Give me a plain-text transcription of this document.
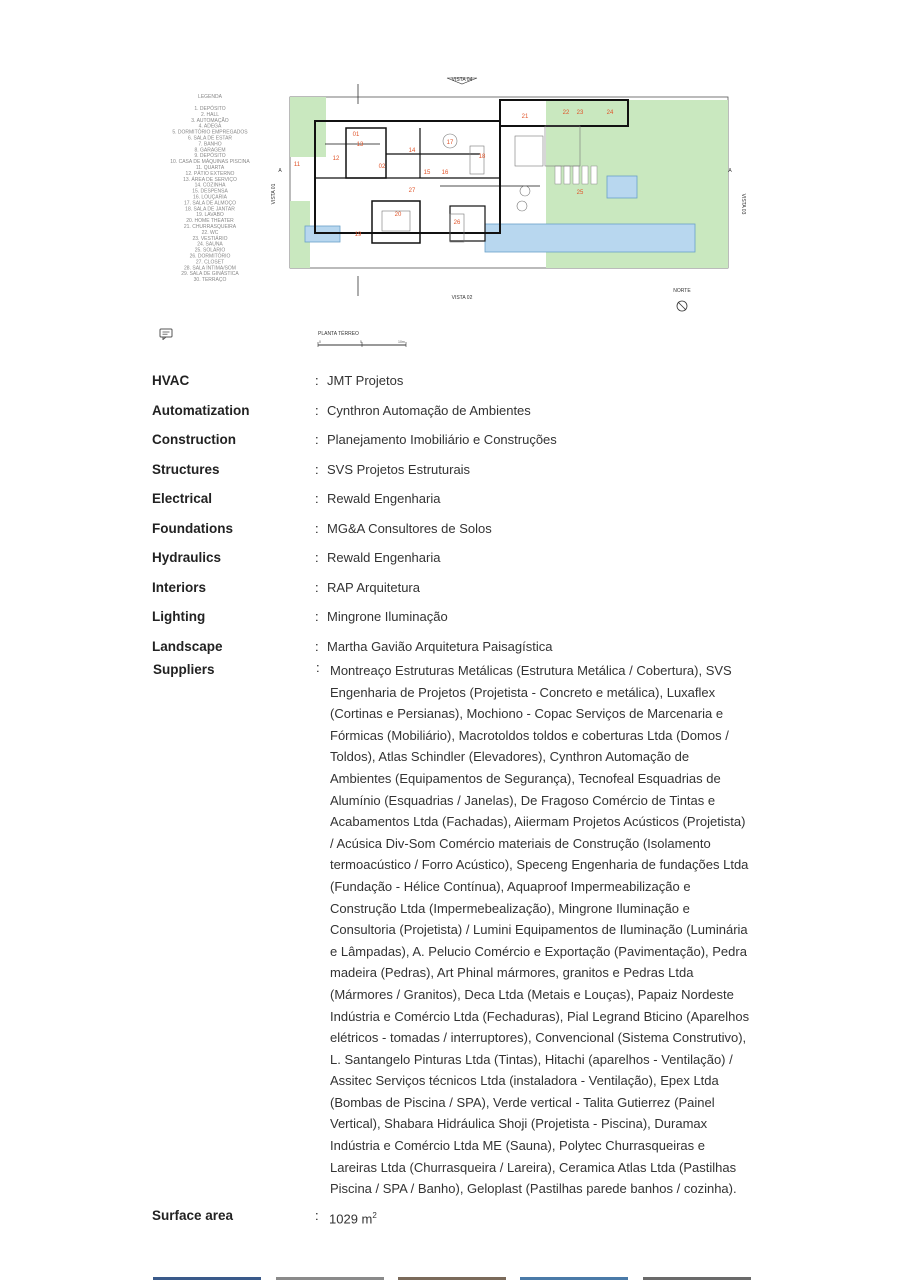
LEGENDA
1. DEPÓSITO
2. HALL
3. AUTOMAÇÃO
4. ADEGA
5. DORMITÓRIO EMPREGADOS
6. SALA DE ESTAR
7. BANHO
8. GARAGEM
9. DEPÓSITO
10. CASA DE MÁQUINAS PISCINA
11. QUARTA
12. PÁTIO EXTERNO
13. ÁREA DE SERVIÇO
14. COZINHA
15. DESPENSA
16. LOUÇARIA
17. SALA DE ALMOÇO
18. SALA DE JANTAR
19. LAVABO
20. HOME THEATER
21. CHURRASQUEIRA
22. WC
23. VESTIÁRIO
24. SAUNA
25. SOLÁRIO
26. DORMITÓRIO
27. CLOSET
28. SALA ÍNTIMA/SOM
29. SALA DE GINÁSTICA
30. TERRAÇO
01
02
11
12
13
14
15 16
17
18
19
20
21
22 23	24
25
26
27
VISTA 04
VISTA 02
VISTA 01	VISTA 03
NORTE
A	A
PLANTA TÉRREO
0	5	10m
HVAC	: JMT Projetos
Automatization	: Cynthron Automação de Ambientes
Construction	: Planejamento Imobiliário e Construções
Structures	: SVS Projetos Estruturais
Electrical	: Rewald Engenharia
Foundations	: MG&A Consultores de Solos
Hydraulics	: Rewald Engenharia
Interiors	: RAP Arquitetura
Lighting	: Mingrone Iluminação
Landscape	: Martha Gavião Arquitetura Paisagística
Suppliers	: Montreaço Estruturas Metálicas (Estrutura Metálica / Cobertura), SVS Engenharia de Projetos (Projetista - Concreto e metálica), Luxaflex (Cortinas e Persianas), Mochiono - Copac Serviços de Marcenaria e Fórmicas (Mobiliário), Macrotoldos toldos e coberturas Ltda (Domos / Toldos), Atlas Schindler (Elevadores), Cynthron Automação de Ambientes (Equipamentos de Segurança), Tecnofeal Esquadrias de Alumínio (Esquadrias / Janelas), De Fragoso Comércio de Tintas e Acabamentos Ltda (Fachadas), Aiiermam Projetos Acústicos (Projetista) / Acúsica Div-Som Comércio materiais de Construção (Isolamento termoacústico / Forro Acústico), Speceng Engenharia de fundações Ltda (Fundação - Hélice Contínua), Aquaproof Impermeabilização e Construção Ltda (Impermebealização), Mingrone Iluminação e Consultoria (Projetista) / Lumini Equipamentos de Iluminação (Luminária e Lâmpadas), A. Pelucio Comércio e Exportação (Pavimentação), Pedra madeira (Pedras), Art Phinal mármores, granitos e Pedras Ltda (Mármores / Granitos), Deca Ltda (Metais e Louças), Papaiz Nordeste Indústria e Comércio Ltda (Fechaduras), Pial Legrand Bticino (Aparelhos elétricos - tomadas / interruptores), Convencional (Sistema Construtivo), L. Santangelo Pinturas Ltda (Tintas), Hitachi (aparelhos - Ventilação) / Assitec Serviços técnicos Ltda (instaladora - Ventilação), Epex Ltda (Bombas de Piscina / SPA), Verde vertical - Talita Gutierrez (Painel Vertical), Shabara Hidráulica Shoji (Projetista - Piscina), Duramax Indústria e Comércio Ltda ME (Sauna), Polytec Churrasqueiras e Lareiras Ltda (Churrasqueira / Lareira), Ceramica Atlas Ltda (Pastilhas Piscina / SPA / Banho), Geloplast (Pastilhas parede banhos / cozinha).
Surface area	: 1029 $m^2$
